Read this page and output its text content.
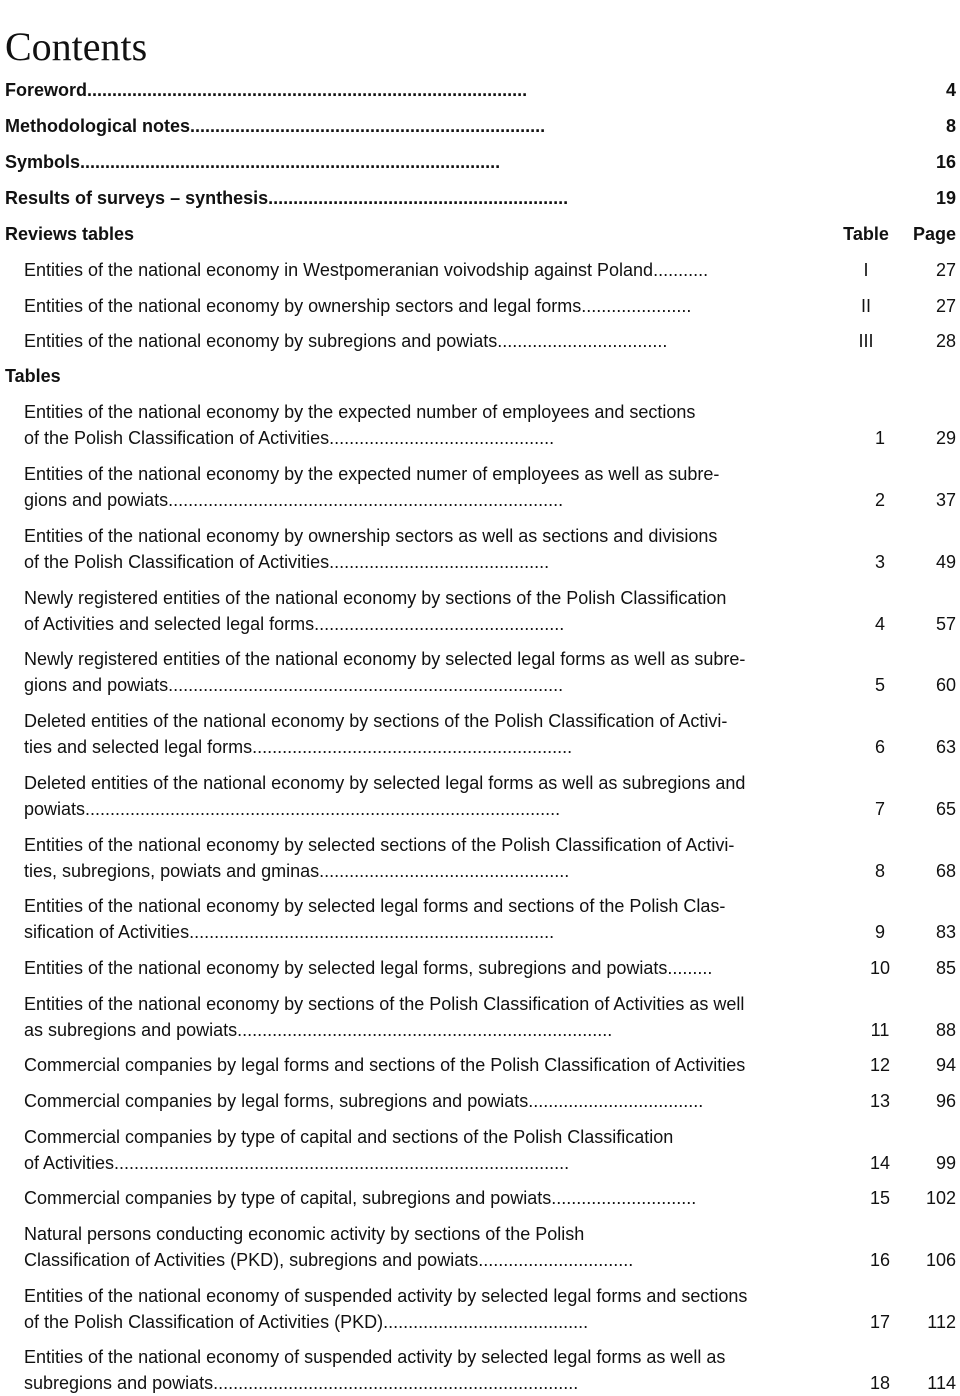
Contents
Foreword........................................................................................	4
Methodological notes.......................................................................	8
Symbols....................................................................................	16
Results of surveys – synthesis............................................................	19
Reviews tables	Table	Page
Entities of the national economy in Westpomeranian voivodship against Poland...........	I	27
Entities of the national economy by ownership sectors and legal forms......................	II	27
Entities of the national economy by subregions and powiats..................................	III	28
Tables
Entities of the national economy by the expected number of employees and sections
of the Polish Classification of Activities.............................................	1	29
Entities of the national economy by the expected numer of employees as well as subre-
gions and powiats...............................................................................	2	37
Entities of the national economy by ownership sectors as well as sections and divisions
of the Polish Classification of Activities............................................	3	49
Newly registered entities of the national economy by sections of the Polish Classification
of Activities and selected legal forms..................................................	4	57
Newly registered entities of the national economy by selected legal forms as well as subre-
gions and powiats...............................................................................	5	60
Deleted entities of the national economy by sections of the Polish Classification of Activi-
ties and selected legal forms................................................................	6	63
Deleted entities of the national economy by selected legal forms as well as subregions and
powiats...............................................................................................	7	65
Entities of the national economy by selected sections of the Polish Classification of Activi-
ties, subregions, powiats and gminas..................................................	8	68
Entities of the national economy by selected legal forms and sections of the Polish Clas-
sification of Activities.........................................................................	9	83
Entities of the national economy by selected legal forms, subregions and powiats.........	10	85
Entities of the national economy by sections of the Polish Classification of Activities as well
as subregions and powiats...........................................................................	11	88
Commercial companies by legal forms and sections of the Polish Classification of Activities	12	94
Commercial companies by legal forms, subregions and powiats...................................	13	96
Commercial companies by type of capital and sections of the Polish Classification
of Activities...........................................................................................	14	99
Commercial companies by type of capital, subregions and powiats.............................	15	102
Natural persons conducting economic activity by sections of the Polish
Classification of Activities (PKD), subregions and powiats...............................	16	106
Entities of the national economy of suspended activity by selected legal forms and sections
of the Polish Classification of Activities (PKD).........................................	17	112
Entities of the national economy of suspended activity by selected legal forms as well as
subregions and powiats.........................................................................	18	114
